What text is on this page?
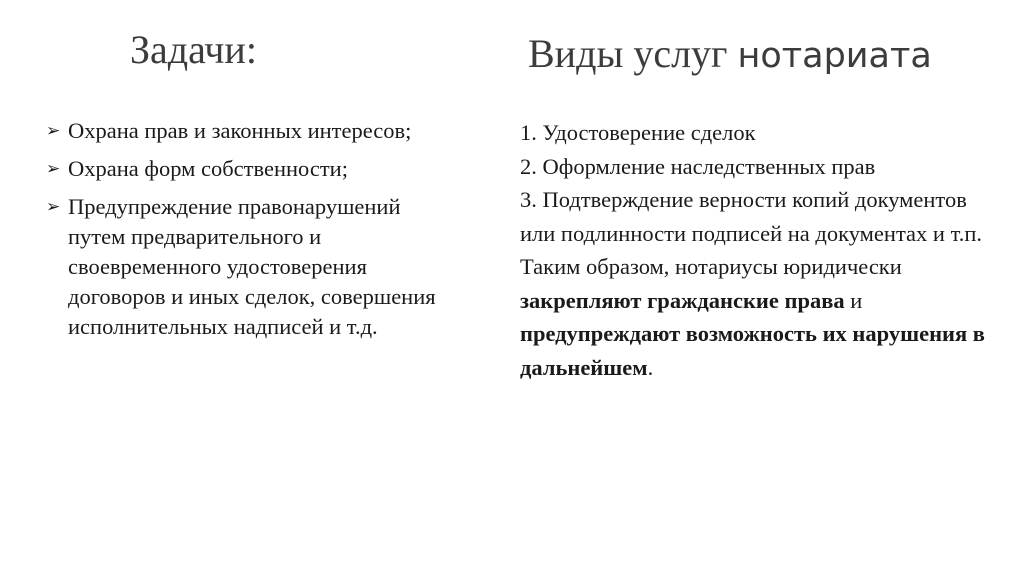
Задачи:	Виды услуг нотариата
➢ Охрана прав и законных интересов;
➢ Охрана форм собственности;
➢ Предупреждение правонарушений путем предварительного и своевременного удостоверения договоров и иных сделок, совершения исполнительных надписей и т.д.
1. Удостоверение сделок
2. Оформление наследственных прав
3. Подтверждение верности копий документов или подлинности подписей на документах и т.п.
Таким образом, нотариусы юридически закрепляют гражданские права и предупреждают возможность их нарушения в дальнейшем.
